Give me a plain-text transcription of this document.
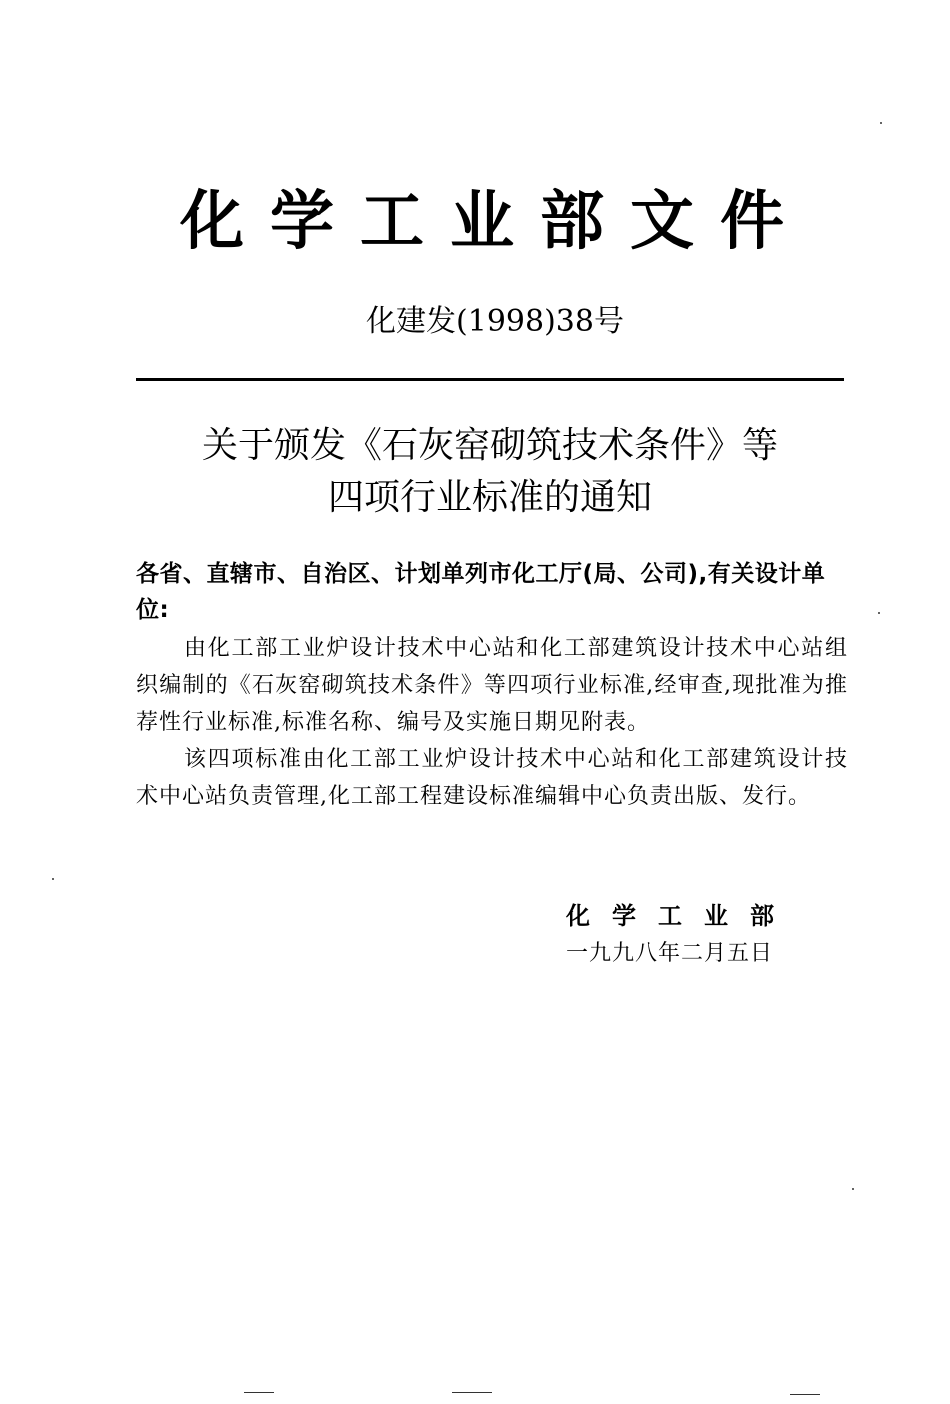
化学工业部文件
化建发(1998)38号
关于颁发《石灰窑砌筑技术条件》等
四项行业标准的通知
各省、直辖市、自治区、计划单列市化工厅(局、公司),有关设计单位:

由化工部工业炉设计技术中心站和化工部建筑设计技术中心站组织编制的《石灰窑砌筑技术条件》等四项行业标准,经审查,现批准为推荐性行业标准,标准名称、编号及实施日期见附表。

该四项标准由化工部工业炉设计技术中心站和化工部建筑设计技术中心站负责管理,化工部工程建设标准编辑中心负责出版、发行。

化学工业部
一九九八年二月五日
